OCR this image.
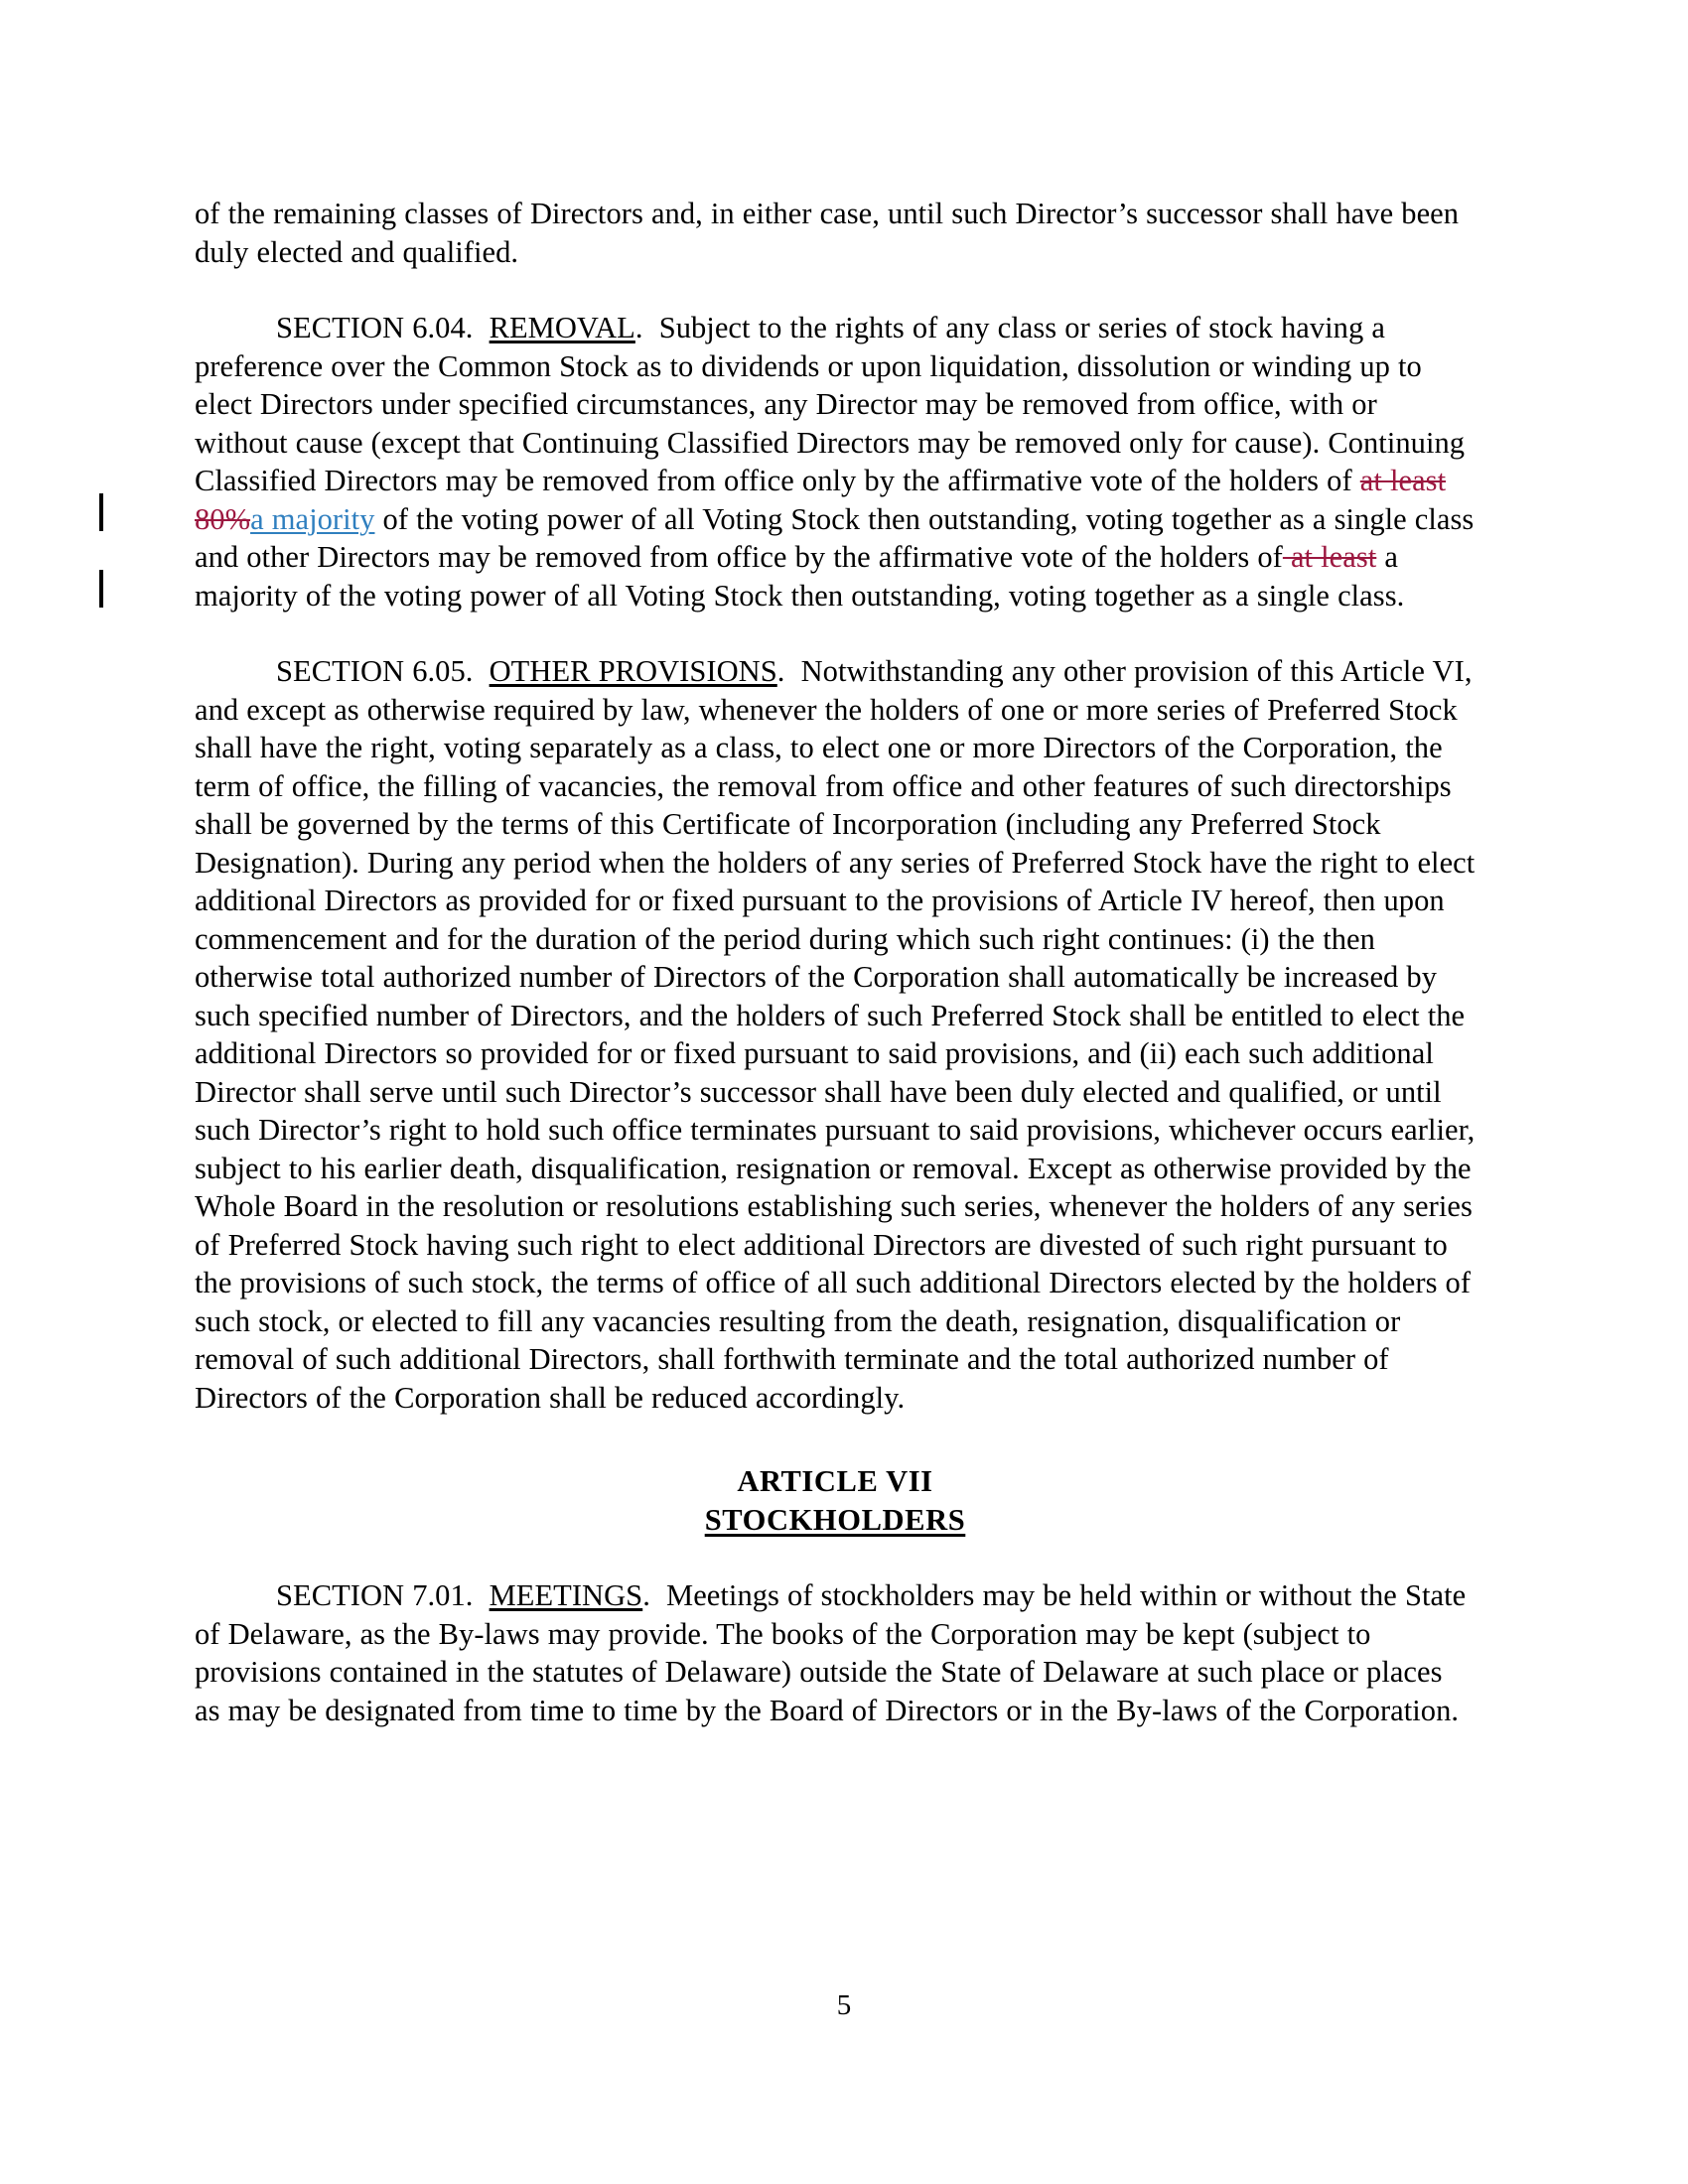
of the remaining classes of Directors and, in either case, until such Director’s successor shall have been duly elected and qualified.

SECTION 6.04. REMOVAL. Subject to the rights of any class or series of stock having a preference over the Common Stock as to dividends or upon liquidation, dissolution or winding up to elect Directors under specified circumstances, any Director may be removed from office, with or without cause (except that Continuing Classified Directors may be removed only for cause). Continuing Classified Directors may be removed from office only by the affirmative vote of the holders of at least 80%a majority of the voting power of all Voting Stock then outstanding, voting together as a single class and other Directors may be removed from office by the affirmative vote of the holders of at least a majority of the voting power of all Voting Stock then outstanding, voting together as a single class.

SECTION 6.05. OTHER PROVISIONS. Notwithstanding any other provision of this Article VI, and except as otherwise required by law, whenever the holders of one or more series of Preferred Stock shall have the right, voting separately as a class, to elect one or more Directors of the Corporation, the term of office, the filling of vacancies, the removal from office and other features of such directorships shall be governed by the terms of this Certificate of Incorporation (including any Preferred Stock Designation). During any period when the holders of any series of Preferred Stock have the right to elect additional Directors as provided for or fixed pursuant to the provisions of Article IV hereof, then upon commencement and for the duration of the period during which such right continues: (i) the then otherwise total authorized number of Directors of the Corporation shall automatically be increased by such specified number of Directors, and the holders of such Preferred Stock shall be entitled to elect the additional Directors so provided for or fixed pursuant to said provisions, and (ii) each such additional Director shall serve until such Director’s successor shall have been duly elected and qualified, or until such Director’s right to hold such office terminates pursuant to said provisions, whichever occurs earlier, subject to his earlier death, disqualification, resignation or removal. Except as otherwise provided by the Whole Board in the resolution or resolutions establishing such series, whenever the holders of any series of Preferred Stock having such right to elect additional Directors are divested of such right pursuant to the provisions of such stock, the terms of office of all such additional Directors elected by the holders of such stock, or elected to fill any vacancies resulting from the death, resignation, disqualification or removal of such additional Directors, shall forthwith terminate and the total authorized number of Directors of the Corporation shall be reduced accordingly.

ARTICLE VII
STOCKHOLDERS

SECTION 7.01. MEETINGS. Meetings of stockholders may be held within or without the State of Delaware, as the By-laws may provide. The books of the Corporation may be kept (subject to provisions contained in the statutes of Delaware) outside the State of Delaware at such place or places as may be designated from time to time by the Board of Directors or in the By-laws of the Corporation.

5
